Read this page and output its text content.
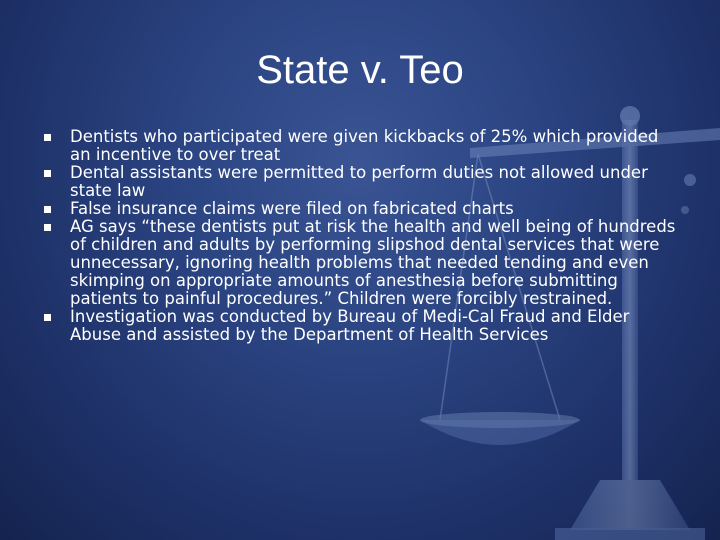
State v. Teo
Dentists who participated were given kickbacks of 25% which provided an incentive to over treat
Dental assistants were permitted to perform duties not allowed under state law
False insurance claims were filed on fabricated charts
AG says “these dentists put at risk the health and well being of hundreds of children and adults by performing slipshod dental services that were unnecessary, ignoring health problems that needed tending and even skimping on appropriate amounts of anesthesia before submitting patients to painful procedures.” Children were forcibly restrained.
Investigation was conducted by Bureau of Medi-Cal Fraud and Elder Abuse and assisted by the Department of Health Services
